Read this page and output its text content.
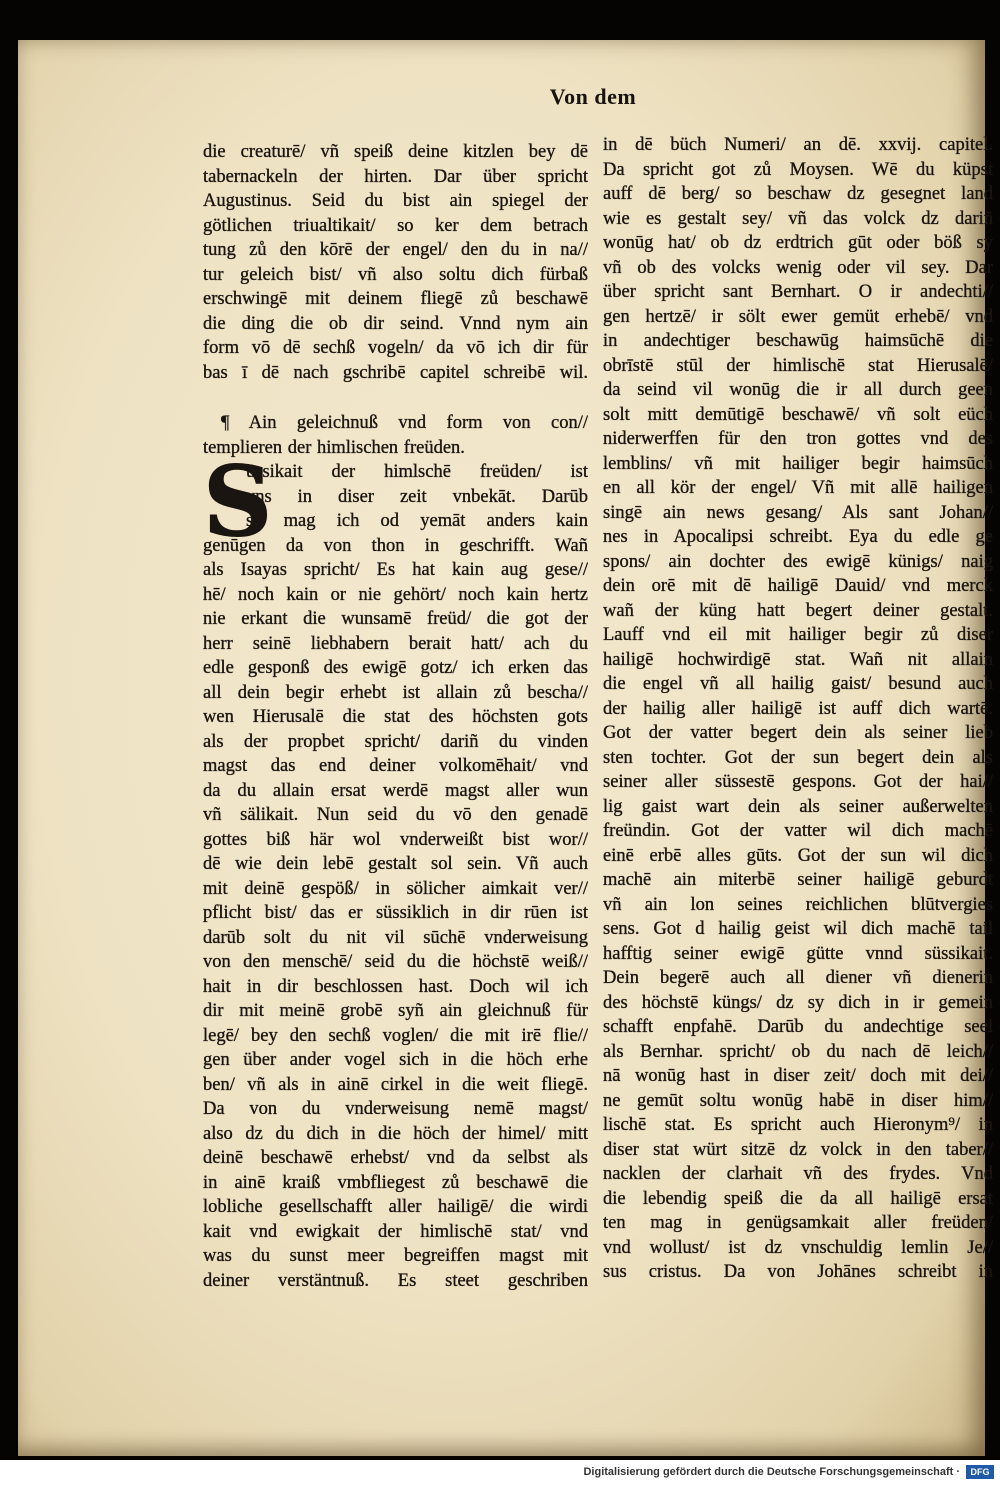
Von dem
die creaturē/ vñ speiß deine kitzlen bey dē
tabernackeln der hirten. Dar über spricht
Augustinus. Seid du bist ain spiegel der
götlichen triualtikait/ so ker dem betrach
tung zů den kōrē der engel/ den du in na//
tur geleich bist/ vñ also soltu dich fürbaß
erschwingē mit deinem fliegē zů beschawē
die ding die ob dir seind. Vnnd nym ain
form vō dē sechß vogeln/ da vō ich dir für
bas ī dē nach gschribē capitel schreibē wil.
¶ Ain geleichnuß vnd form von con//
templieren der himlischen freüden.
S
üssikait der himlschē freüden/ ist
vns in diser zeit vnbekāt. Darūb
so mag ich od yemāt anders kain
genūgen da von thon in geschrifft. Wañ
als Isayas spricht/ Es hat kain aug gese//
hē/ noch kain or nie gehört/ noch kain hertz
nie erkant die wunsamē freüd/ die got der
herr seinē liebhabern berait hatt/ ach du
edle gesponß des ewigē gotz/ ich erken das
all dein begir erhebt ist allain zů bescha//
wen Hierusalē die stat des höchsten gots
als der propbet spricht/ dariñ du vinden
magst das end deiner volkomēhait/ vnd
da du allain ersat werdē magst aller wun
vñ sälikait. Nun seid du vō den genadē
gottes biß här wol vnderweißt bist wor//
dē wie dein lebē gestalt sol sein. Vñ auch
mit deinē gespöß/ in sölicher aimkait ver//
pflicht bist/ das er süssiklich in dir rūen ist
darūb solt du nit vil sūchē vnderweisung
von den menschē/ seid du die höchstē weiß//
hait in dir beschlossen hast. Doch wil ich
dir mit meinē grobē syñ ain gleichnuß für
legē/ bey den sechß voglen/ die mit irē flie//
gen über ander vogel sich in die höch erhe
ben/ vñ als in ainē cirkel in die weit fliegē.
Da von du vnderweisung nemē magst/
also dz du dich in die höch der himel/ mitt
deinē beschawē erhebst/ vnd da selbst als
in ainē kraiß vmbfliegest zů beschawē die
lobliche gesellschafft aller hailigē/ die wirdi
kait vnd ewigkait der himlischē stat/ vnd
was du sunst meer begreiffen magst mit
deiner verstäntnuß. Es steet geschriben
in dē büch Numeri/ an dē. xxvij. capitel.
Da spricht got zů Moysen. Wē du küpst
auff dē berg/ so beschaw dz gesegnet land
wie es gestalt sey/ vñ das volck dz dariñ
wonūg hat/ ob dz erdtrich gūt oder böß sy
vñ ob des volcks wenig oder vil sey. Dar
über spricht sant Bernhart. O ir andechti//
gen hertzē/ ir sölt ewer gemüt erhebē/ vnd
in andechtiger beschawūg haimsūchē die
obrīstē stūl der himlischē stat Hierusalē/
da seind vil wonūg die ir all durch geen
solt mitt demūtigē beschawē/ vñ solt eüch
niderwerffen für den tron gottes vnd des
lemblins/ vñ mit hailiger begir haimsūch
en all kör der engel/ Vñ mit allē hailigen
singē ain news gesang/ Als sant Johan//
nes in Apocalipsi schreibt. Eya du edle ge
spons/ ain dochter des ewigē künigs/ naig
dein orē mit dē hailigē Dauid/ vnd merck
wañ der küng hatt begert deiner gestalt.
Lauff vnd eil mit hailiger begir zů diser
hailigē hochwirdigē stat. Wañ nit allain
die engel vñ all hailig gaist/ besund auch
der hailig aller hailigē ist auff dich wartē.
Got der vatter begert dein als seiner lieb
sten tochter. Got der sun begert dein als
seiner aller süssestē gespons. Got der hai//
lig gaist wart dein als seiner außerwelten
freündin. Got der vatter wil dich machē
einē erbē alles gūts. Got der sun wil dich
machē ain miterbē seiner hailigē geburdt
vñ ain lon seines reichlichen blūtvergies
sens. Got d hailig geist wil dich machē tail
hafftig seiner ewigē gütte vnnd süssikait.
Dein begerē auch all diener vñ dienerin
des höchstē küngs/ dz sy dich in ir gemein
schafft enpfahē. Darūb du andechtige seel
als Bernhar. spricht/ ob du nach dē leich//
nā wonūg hast in diser zeit/ doch mit dei//
ne gemūt soltu wonūg habē in diser him//
lischē stat. Es spricht auch Hieronym⁹/ in
diser stat würt sitzē dz volck in den taber//
nacklen der clarhait vñ des frydes. Vnd
die lebendig speiß die da all hailigē ersat
ten mag in genügsamkait aller freüden/
vnd wollust/ ist dz vnschuldig lemlin Je//
sus cristus. Da von Johānes schreibt in
Digitalisierung gefördert durch die Deutsche Forschungsgemeinschaft ·	DFG
